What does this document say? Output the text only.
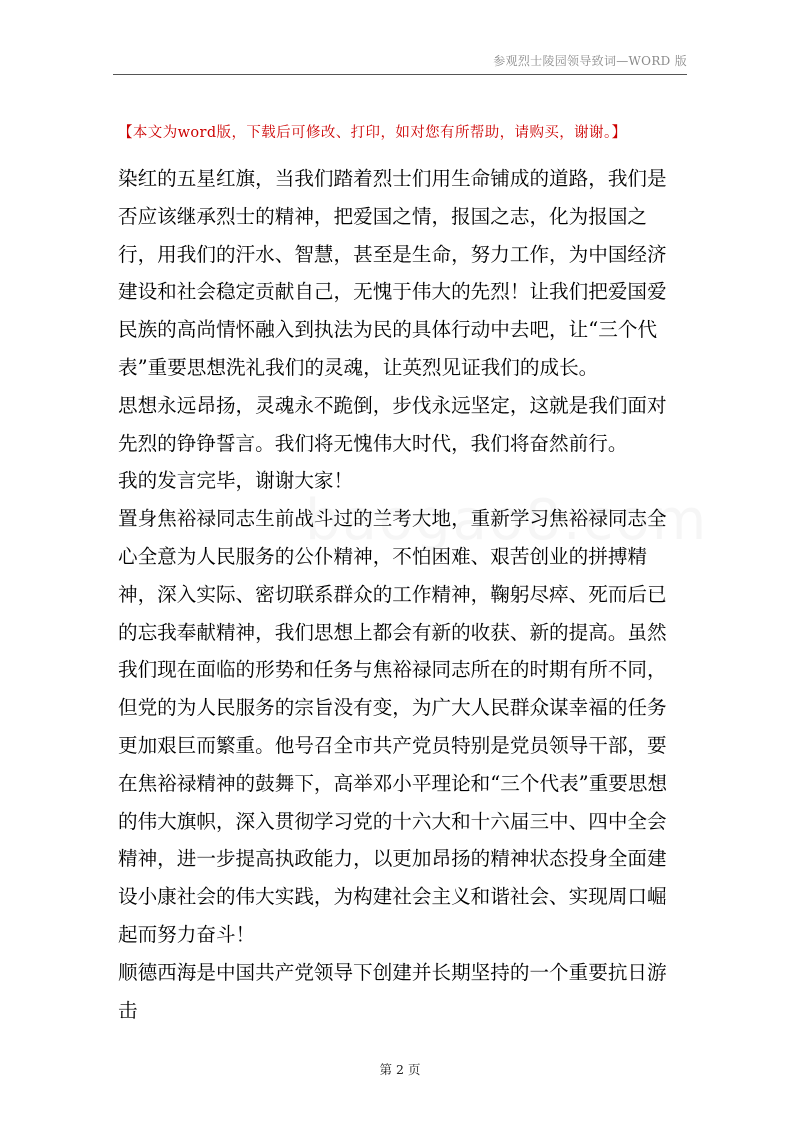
参观烈士陵园领导致词—WORD 版
【本文为word版，下载后可修改、打印，如对您有所帮助，请购买，谢谢。】

染红的五星红旗，当我们踏着烈士们用生命铺成的道路，我们是否应该继承烈士的精神，把爱国之情，报国之志，化为报国之行，用我们的汗水、智慧，甚至是生命，努力工作，为中国经济建设和社会稳定贡献自己，无愧于伟大的先烈！让我们把爱国爱民族的高尚情怀融入到执法为民的具体行动中去吧，让“三个代表”重要思想洗礼我们的灵魂，让英烈见证我们的成长。

思想永远昂扬，灵魂永不跪倒，步伐永远坚定，这就是我们面对先烈的铮铮誓言。我们将无愧伟大时代，我们将奋然前行。

我的发言完毕，谢谢大家！

置身焦裕禄同志生前战斗过的兰考大地，重新学习焦裕禄同志全心全意为人民服务的公仆精神，不怕困难、艰苦创业的拼搏精神，深入实际、密切联系群众的工作精神，鞠躬尽瘁、死而后已的忘我奉献精神，我们思想上都会有新的收获、新的提高。虽然我们现在面临的形势和任务与焦裕禄同志所在的时期有所不同，但党的为人民服务的宗旨没有变，为广大人民群众谋幸福的任务更加艰巨而繁重。他号召全市共产党员特别是党员领导干部，要在焦裕禄精神的鼓舞下，高举邓小平理论和“三个代表”重要思想的伟大旗帜，深入贯彻学习党的十六大和十六届三中、四中全会精神，进一步提高执政能力，以更加昂扬的精神状态投身全面建设小康社会的伟大实践，为构建社会主义和谐社会、实现周口崛起而努力奋斗！

顺德西海是中国共产党领导下创建并长期坚持的一个重要抗日游击

第 2 页
